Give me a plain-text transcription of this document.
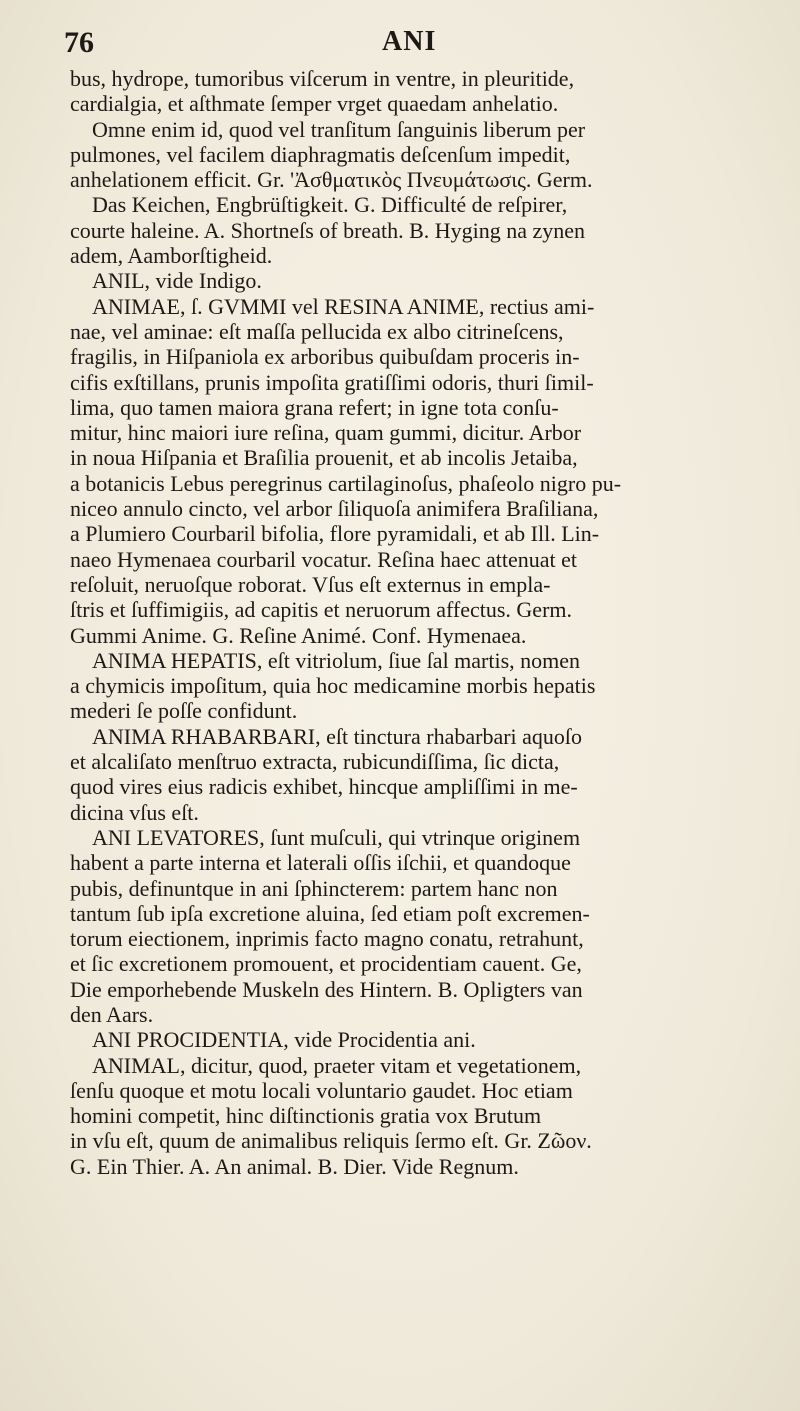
76	ANI
bus, hydrope, tumoribus viſcerum in ventre, in pleuritide,
cardialgia, et aſthmate ſemper vrget quaedam anhelatio.
Omne enim id, quod vel tranſitum ſanguinis liberum per
pulmones, vel facilem diaphragmatis deſcenſum impedit,
anhelationem efficit. Gr. 'Ἀσθματικὸς Πνευμάτωσις. Germ.
Das Keichen, Engbrüſtigkeit. G. Difficulté de reſpirer,
courte haleine. A. Shortneſs of breath. B. Hyging na zynen
adem, Aamborſtigheid.
ANIL, vide Indigo.
ANIMAE, ſ. GVMMI vel RESINA ANIME, rectius ami-
nae, vel aminae: eſt maſſa pellucida ex albo citrineſcens,
fragilis, in Hiſpaniola ex arboribus quibuſdam proceris in-
cifis exſtillans, prunis impoſita gratiſſimi odoris, thuri ſimil-
lima, quo tamen maiora grana refert; in igne tota conſu-
mitur, hinc maiori iure reſina, quam gummi, dicitur. Arbor
in noua Hiſpania et Braſilia prouenit, et ab incolis Jetaiba,
a botanicis Lebus peregrinus cartilaginoſus, phaſeolo nigro pu-
niceo annulo cincto, vel arbor ſiliquoſa animifera Braſiliana,
a Plumiero Courbaril bifolia, flore pyramidali, et ab Ill. Lin-
naeo Hymenaea courbaril vocatur. Reſina haec attenuat et
reſoluit, neruoſque roborat. Vſus eſt externus in empla-
ſtris et ſuffimigiis, ad capitis et neruorum affectus. Germ.
Gummi Anime. G. Reſine Animé. Conf. Hymenaea.
ANIMA HEPATIS, eſt vitriolum, ſiue ſal martis, nomen
a chymicis impoſitum, quia hoc medicamine morbis hepatis
mederi ſe poſſe confidunt.
ANIMA RHABARBARI, eſt tinctura rhabarbari aquoſo
et alcaliſato menſtruo extracta, rubicundiſſima, ſic dicta,
quod vires eius radicis exhibet, hincque ampliſſimi in me-
dicina vſus eſt.
ANI LEVATORES, ſunt muſculi, qui vtrinque originem
habent a parte interna et laterali oſſis iſchii, et quandoque
pubis, definuntque in ani ſphincterem: partem hanc non
tantum ſub ipſa excretione aluina, ſed etiam poſt excremen-
torum eiectionem, inprimis facto magno conatu, retrahunt,
et ſic excretionem promouent, et procidentiam cauent. Ge,
Die emporhebende Muskeln des Hintern. B. Opligters van
den Aars.
ANI PROCIDENTIA, vide Procidentia ani.
ANIMAL, dicitur, quod, praeter vitam et vegetationem,
ſenſu quoque et motu locali voluntario gaudet. Hoc etiam
homini competit, hinc diſtinctionis gratia vox Brutum
in vſu eſt, quum de animalibus reliquis ſermo eſt. Gr. Ζῶον.
G. Ein Thier. A. An animal. B. Dier. Vide Regnum.
